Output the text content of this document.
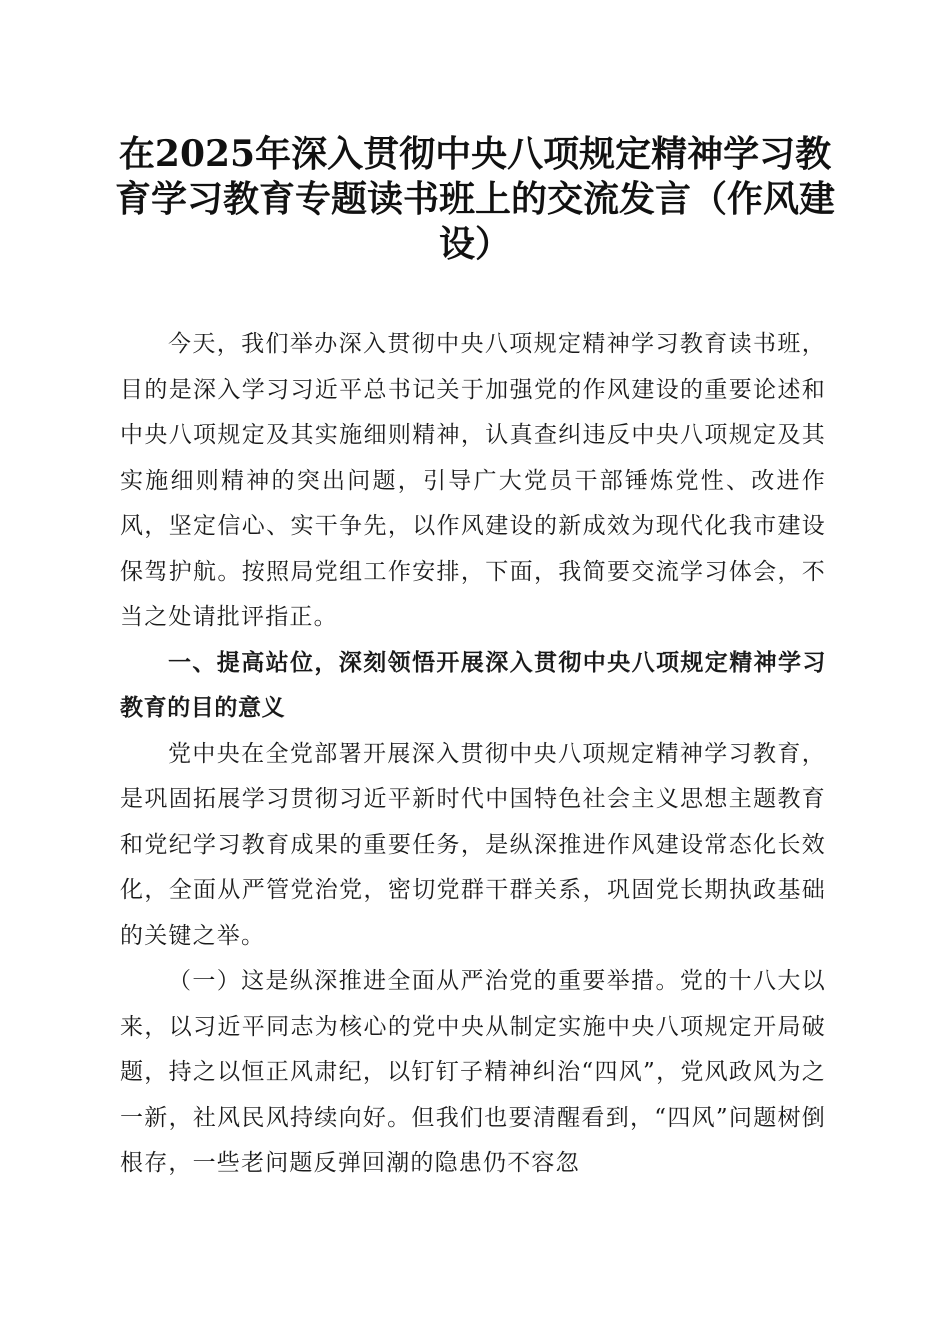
在2025年深入贯彻中央八项规定精神学习教育学习教育专题读书班上的交流发言（作风建设）

今天，我们举办深入贯彻中央八项规定精神学习教育读书班，目的是深入学习习近平总书记关于加强党的作风建设的重要论述和中央八项规定及其实施细则精神，认真查纠违反中央八项规定及其实施细则精神的突出问题，引导广大党员干部锤炼党性、改进作风，坚定信心、实干争先，以作风建设的新成效为现代化我市建设保驾护航。按照局党组工作安排，下面，我简要交流学习体会，不当之处请批评指正。

一、提高站位，深刻领悟开展深入贯彻中央八项规定精神学习教育的目的意义

党中央在全党部署开展深入贯彻中央八项规定精神学习教育，是巩固拓展学习贯彻习近平新时代中国特色社会主义思想主题教育和党纪学习教育成果的重要任务，是纵深推进作风建设常态化长效化，全面从严管党治党，密切党群干群关系，巩固党长期执政基础的关键之举。

（一）这是纵深推进全面从严治党的重要举措。党的十八大以来，以习近平同志为核心的党中央从制定实施中央八项规定开局破题，持之以恒正风肃纪，以钉钉子精神纠治“四风”，党风政风为之一新，社风民风持续向好。但我们也要清醒看到，“四风”问题树倒根存，一些老问题反弹回潮的隐患仍不容忽
